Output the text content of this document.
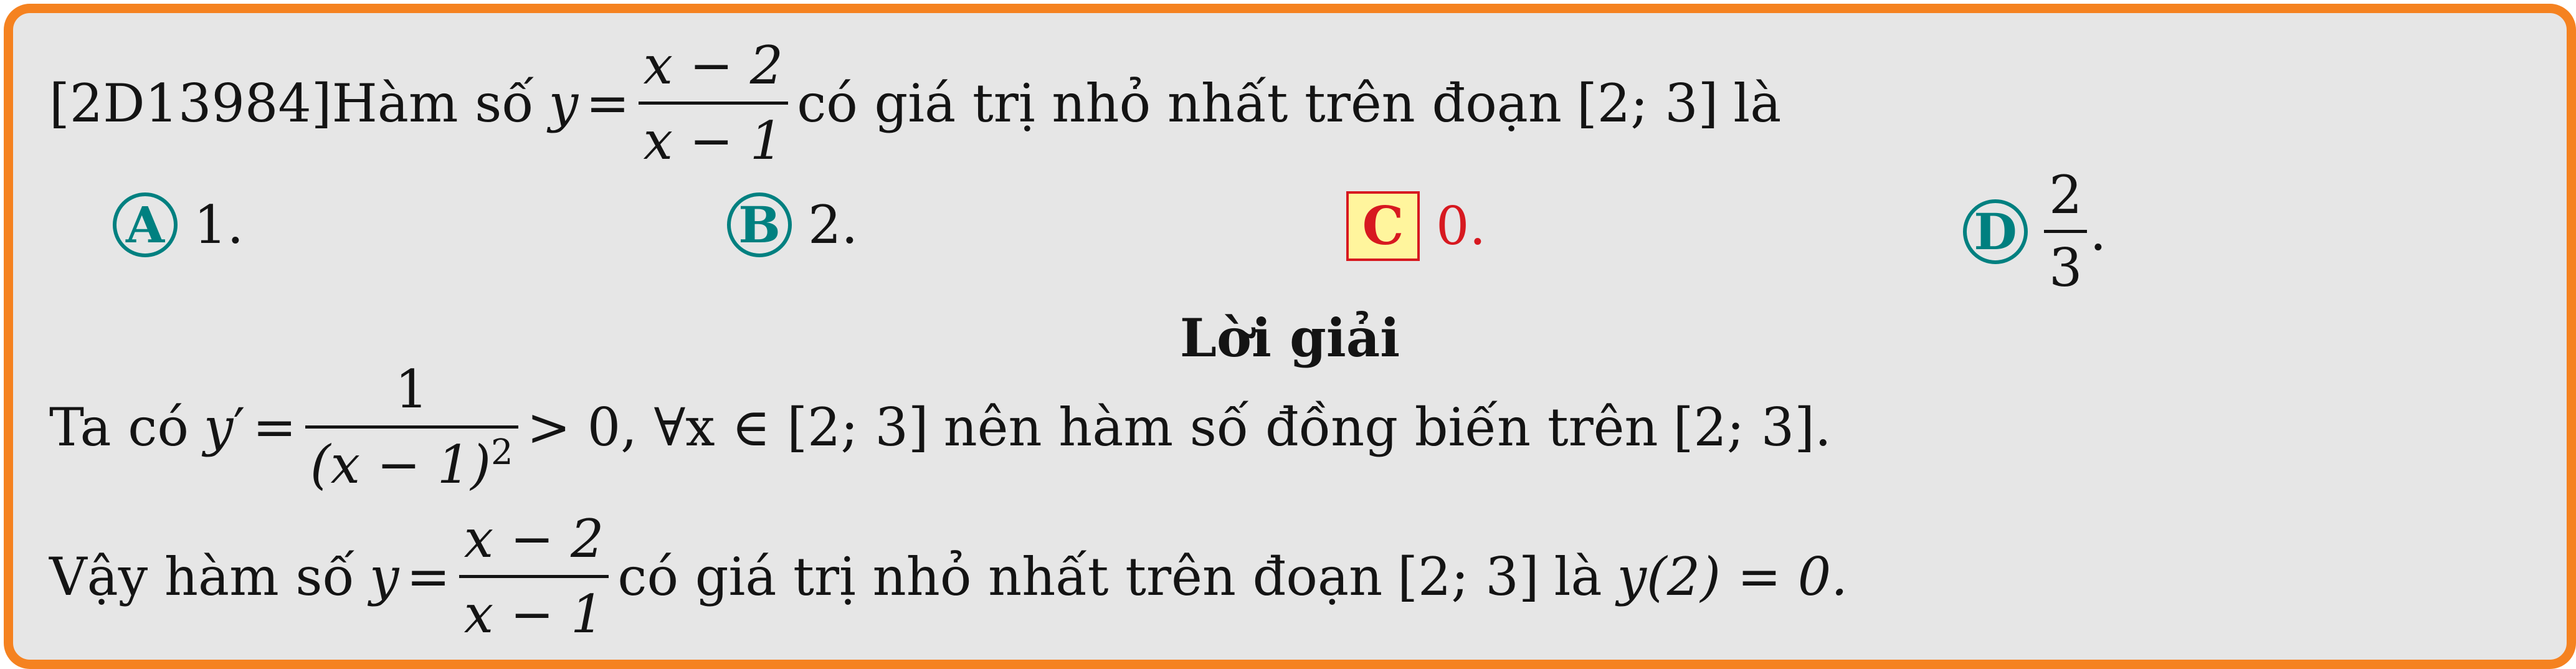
[2D13984] Hàm số y =
x − 2
x − 1
có giá trị nhỏ nhất trên đoạn [2; 3] là
A 1.	B 2.	C 0.	D
2
3
.
Lời giải
Ta có y ′ =
1
$(x - 1)^2 > 0$, ∀x ∈ [2; 3] nên hàm số đồng biến trên [2; 3].
Vậy hàm số y =
x − 2
x − 1
có giá trị nhỏ nhất trên đoạn [2; 3] là y(2) = 0.
